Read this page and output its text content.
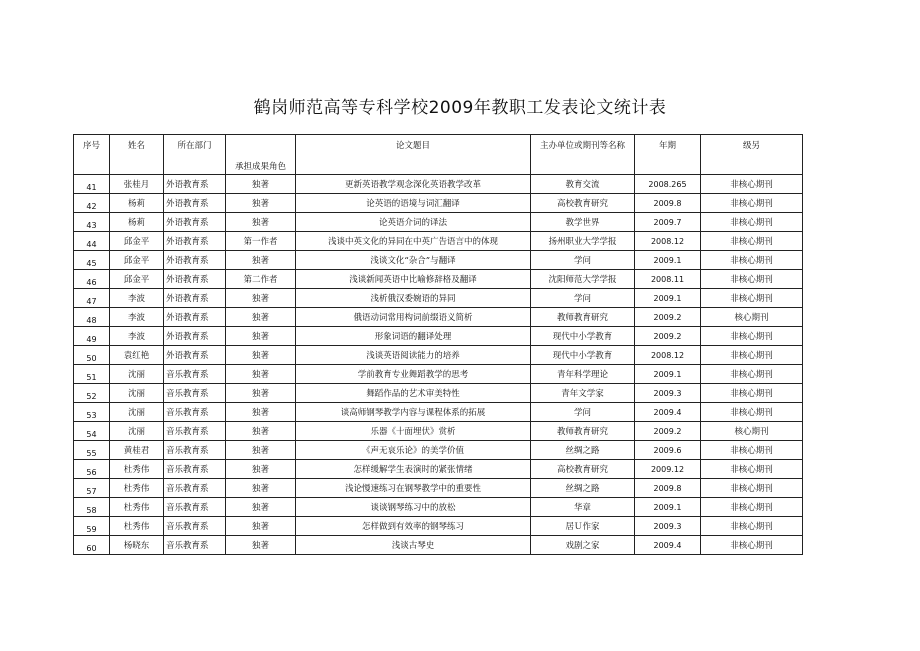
鹤岗师范高等专科学校2009年教职工发表论文统计表
序号	姓名	所在部门	承担成果角色	论文题目	主办单位或期刊等名称	年期	级另
41	张桂月	外语教育系	独著	更新英语教学观念深化英语教学改革	教育交流	2008.265	非核心期刊
42	杨莉	外语教育系	独著	论英语的语境与词汇翻译	高校教育研究	2009.8	非核心期刊
43	杨莉	外语教育系	独著	论英语介词的译法	教学世界	2009.7	非核心期刊
44	邱金平	外语教育系	第一作者	浅谈中英文化的异同在中英广告语言中的体现	扬州职业大学学报	2008.12	非核心期刊
45	邱金平	外语教育系	独著	浅谈文化“杂合”与翻译	学问	2009.1	非核心期刊
46	邱金平	外语教育系	第二作者	浅谈新闻英语中比喻修辞格及翻译	沈阳师范大学学报	2008.11	非核心期刊
47	李波	外语教育系	独著	浅析俄汉委婉语的异同	学问	2009.1	非核心期刊
48	李波	外语教育系	独著	俄语动词常用构词前缀语义简析	教师教育研究	2009.2	核心期刊
49	李波	外语教育系	独著	形象词语的翻译处理	现代中小学教育	2009.2	非核心期刊
50	袁红艳	外语教育系	独著	浅谈英语阅读能力的培养	现代中小学教育	2008.12	非核心期刊
51	沈丽	音乐教育系	独著	学前教育专业舞蹈教学的思考	青年科学理论	2009.1	非核心期刊
52	沈丽	音乐教育系	独著	舞蹈作品的艺术审美特性	青年文学家	2009.3	非核心期刊
53	沈丽	音乐教育系	独著	谈高师钢琴教学内容与课程体系的拓展	学问	2009.4	非核心期刊
54	沈丽	音乐教育系	独著	乐器《十面埋伏》赏析	教师教育研究	2009.2	核心期刊
55	黄桂君	音乐教育系	独著	《声无哀乐论》的美学价值	丝绸之路	2009.6	非核心期刊
56	杜秀伟	音乐教育系	独著	怎样缓解学生表演时的紧张情绪	高校教育研究	2009.12	非核心期刊
57	杜秀伟	音乐教育系	独著	浅论慢速练习在钢琴教学中的重要性	丝绸之路	2009.8	非核心期刊
58	杜秀伟	音乐教育系	独著	谈谈钢琴练习中的放松	华章	2009.1	非核心期刊
59	杜秀伟	音乐教育系	独著	怎样做到有效率的钢琴练习	居Ｕ作家	2009.3	非核心期刊
60	杨晓东	音乐教育系	独著	浅谈古琴史	戏剧之家	2009.4	非核心期刊
